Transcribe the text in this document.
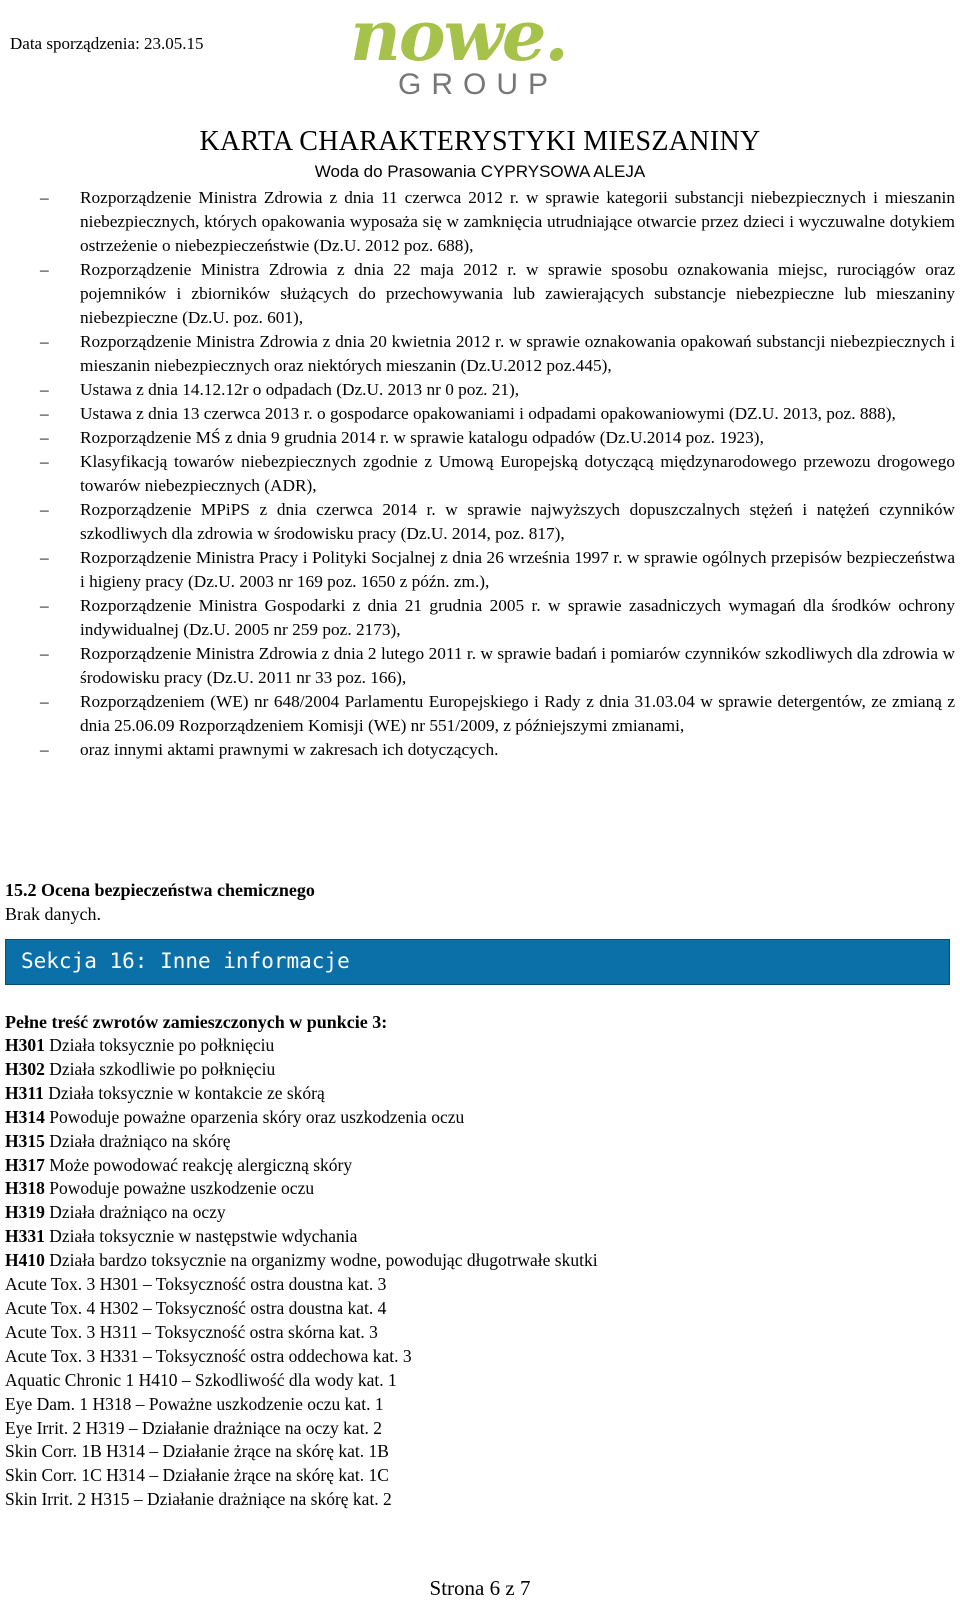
Data sporządzenia: 23.05.15 nowe.
GROUP
KARTA CHARAKTERYSTYKI MIESZANINY
Woda do Prasowania CYPRYSOWA ALEJA
– Rozporządzenie Ministra Zdrowia z dnia 11 czerwca 2012 r. w sprawie kategorii substancji niebezpiecznych i mieszanin niebezpiecznych, których opakowania wyposaża się w zamknięcia utrudniające otwarcie przez dzieci i wyczuwalne dotykiem ostrzeżenie o niebezpieczeństwie (Dz.U. 2012 poz. 688),
– Rozporządzenie Ministra Zdrowia z dnia 22 maja 2012 r. w sprawie sposobu oznakowania miejsc, rurociągów oraz pojemników i zbiorników służących do przechowywania lub zawierających substancje niebezpieczne lub mieszaniny niebezpieczne (Dz.U. poz. 601),
– Rozporządzenie Ministra Zdrowia z dnia 20 kwietnia 2012 r. w sprawie oznakowania opakowań substancji niebezpiecznych i mieszanin niebezpiecznych oraz niektórych mieszanin (Dz.U.2012 poz.445),
– Ustawa z dnia 14.12.12r o odpadach (Dz.U. 2013 nr 0 poz. 21),
– Ustawa z dnia 13 czerwca 2013 r. o gospodarce opakowaniami i odpadami opakowaniowymi (DZ.U. 2013, poz. 888),
– Rozporządzenie MŚ z dnia 9 grudnia 2014 r. w sprawie katalogu odpadów (Dz.U.2014 poz. 1923),
– Klasyfikacją towarów niebezpiecznych zgodnie z Umową Europejską dotyczącą międzynarodowego przewozu drogowego towarów niebezpiecznych (ADR),
– Rozporządzenie MPiPS z dnia czerwca 2014 r. w sprawie najwyższych dopuszczalnych stężeń i natężeń czynników szkodliwych dla zdrowia w środowisku pracy (Dz.U. 2014, poz. 817),
– Rozporządzenie Ministra Pracy i Polityki Socjalnej z dnia 26 września 1997 r. w sprawie ogólnych przepisów bezpieczeństwa i higieny pracy (Dz.U. 2003 nr 169 poz. 1650 z późn. zm.),
– Rozporządzenie Ministra Gospodarki z dnia 21 grudnia 2005 r. w sprawie zasadniczych wymagań dla środków ochrony indywidualnej (Dz.U. 2005 nr 259 poz. 2173),
– Rozporządzenie Ministra Zdrowia z dnia 2 lutego 2011 r. w sprawie badań i pomiarów czynników szkodliwych dla zdrowia w środowisku pracy (Dz.U. 2011 nr 33 poz. 166),
– Rozporządzeniem (WE) nr 648/2004 Parlamentu Europejskiego i Rady z dnia 31.03.04 w sprawie detergentów, ze zmianą z dnia 25.06.09 Rozporządzeniem Komisji (WE) nr 551/2009, z późniejszymi zmianami,
– oraz innymi aktami prawnymi w zakresach ich dotyczących.
15.2 Ocena bezpieczeństwa chemicznego
Brak danych.
Sekcja 16: Inne informacje
Pełne treść zwrotów zamieszczonych w punkcie 3:
H301 Działa toksycznie po połknięciu
H302 Działa szkodliwie po połknięciu
H311 Działa toksycznie w kontakcie ze skórą
H314 Powoduje poważne oparzenia skóry oraz uszkodzenia oczu
H315 Działa drażniąco na skórę
H317 Może powodować reakcję alergiczną skóry
H318 Powoduje poważne uszkodzenie oczu
H319 Działa drażniąco na oczy
H331 Działa toksycznie w następstwie wdychania
H410 Działa bardzo toksycznie na organizmy wodne, powodując długotrwałe skutki
Acute Tox. 3 H301 – Toksyczność ostra doustna kat. 3
Acute Tox. 4 H302 – Toksyczność ostra doustna kat. 4
Acute Tox. 3 H311 – Toksyczność ostra skórna kat. 3
Acute Tox. 3 H331 – Toksyczność ostra oddechowa kat. 3
Aquatic Chronic 1 H410 – Szkodliwość dla wody kat. 1
Eye Dam. 1 H318 – Poważne uszkodzenie oczu kat. 1
Eye Irrit. 2 H319 – Działanie drażniące na oczy kat. 2
Skin Corr. 1B H314 – Działanie żrące na skórę kat. 1B
Skin Corr. 1C H314 – Działanie żrące na skórę kat. 1C
Skin Irrit. 2 H315 – Działanie drażniące na skórę kat. 2
Strona 6 z 7
